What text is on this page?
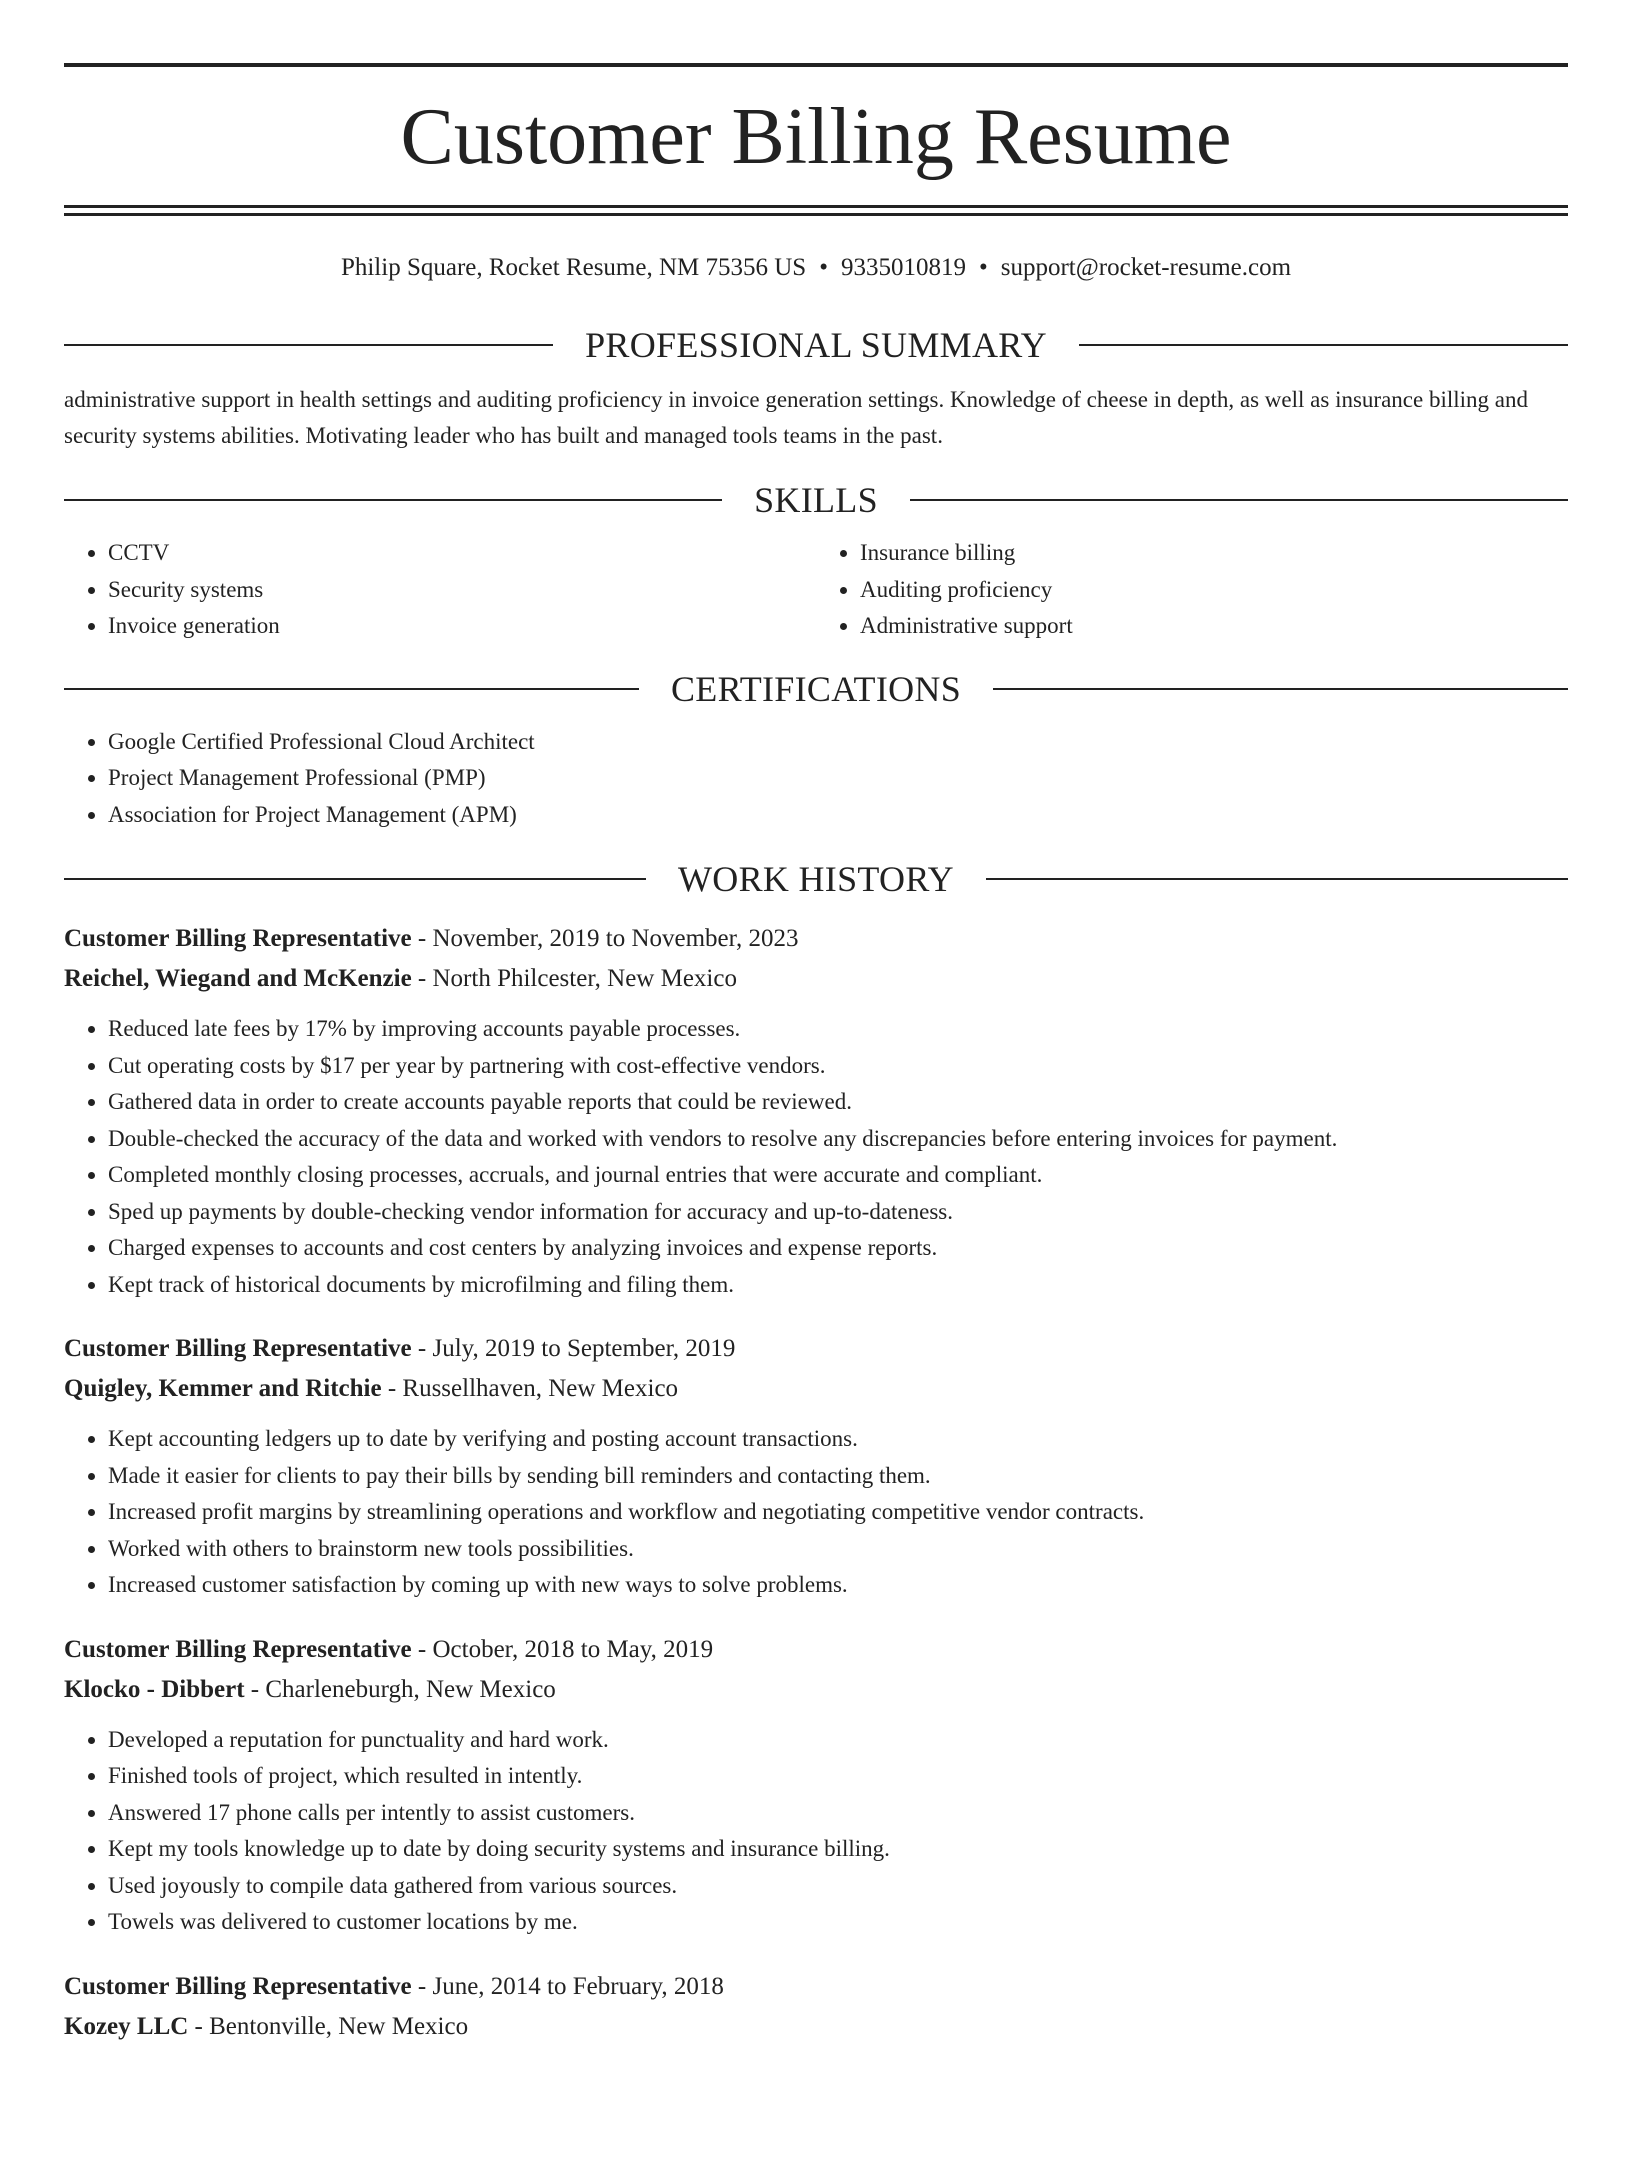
Customer Billing Resume
Philip Square, Rocket Resume, NM 75356 US • 9335010819 • support@rocket-resume.com
PROFESSIONAL SUMMARY
administrative support in health settings and auditing proficiency in invoice generation settings. Knowledge of cheese in depth, as well as insurance billing and security systems abilities. Motivating leader who has built and managed tools teams in the past.
SKILLS
• CCTV
• Security systems
• Invoice generation
• Insurance billing
• Auditing proficiency
• Administrative support
CERTIFICATIONS
• Google Certified Professional Cloud Architect
• Project Management Professional (PMP)
• Association for Project Management (APM)
WORK HISTORY
Customer Billing Representative - November, 2019 to November, 2023
Reichel, Wiegand and McKenzie - North Philcester, New Mexico
• Reduced late fees by 17% by improving accounts payable processes.
• Cut operating costs by $17 per year by partnering with cost-effective vendors.
• Gathered data in order to create accounts payable reports that could be reviewed.
• Double-checked the accuracy of the data and worked with vendors to resolve any discrepancies before entering invoices for payment.
• Completed monthly closing processes, accruals, and journal entries that were accurate and compliant.
• Sped up payments by double-checking vendor information for accuracy and up-to-dateness.
• Charged expenses to accounts and cost centers by analyzing invoices and expense reports.
• Kept track of historical documents by microfilming and filing them.
Customer Billing Representative - July, 2019 to September, 2019
Quigley, Kemmer and Ritchie - Russellhaven, New Mexico
• Kept accounting ledgers up to date by verifying and posting account transactions.
• Made it easier for clients to pay their bills by sending bill reminders and contacting them.
• Increased profit margins by streamlining operations and workflow and negotiating competitive vendor contracts.
• Worked with others to brainstorm new tools possibilities.
• Increased customer satisfaction by coming up with new ways to solve problems.
Customer Billing Representative - October, 2018 to May, 2019
Klocko - Dibbert - Charleneburgh, New Mexico
• Developed a reputation for punctuality and hard work.
• Finished tools of project, which resulted in intently.
• Answered 17 phone calls per intently to assist customers.
• Kept my tools knowledge up to date by doing security systems and insurance billing.
• Used joyously to compile data gathered from various sources.
• Towels was delivered to customer locations by me.
Customer Billing Representative - June, 2014 to February, 2018
Kozey LLC - Bentonville, New Mexico
